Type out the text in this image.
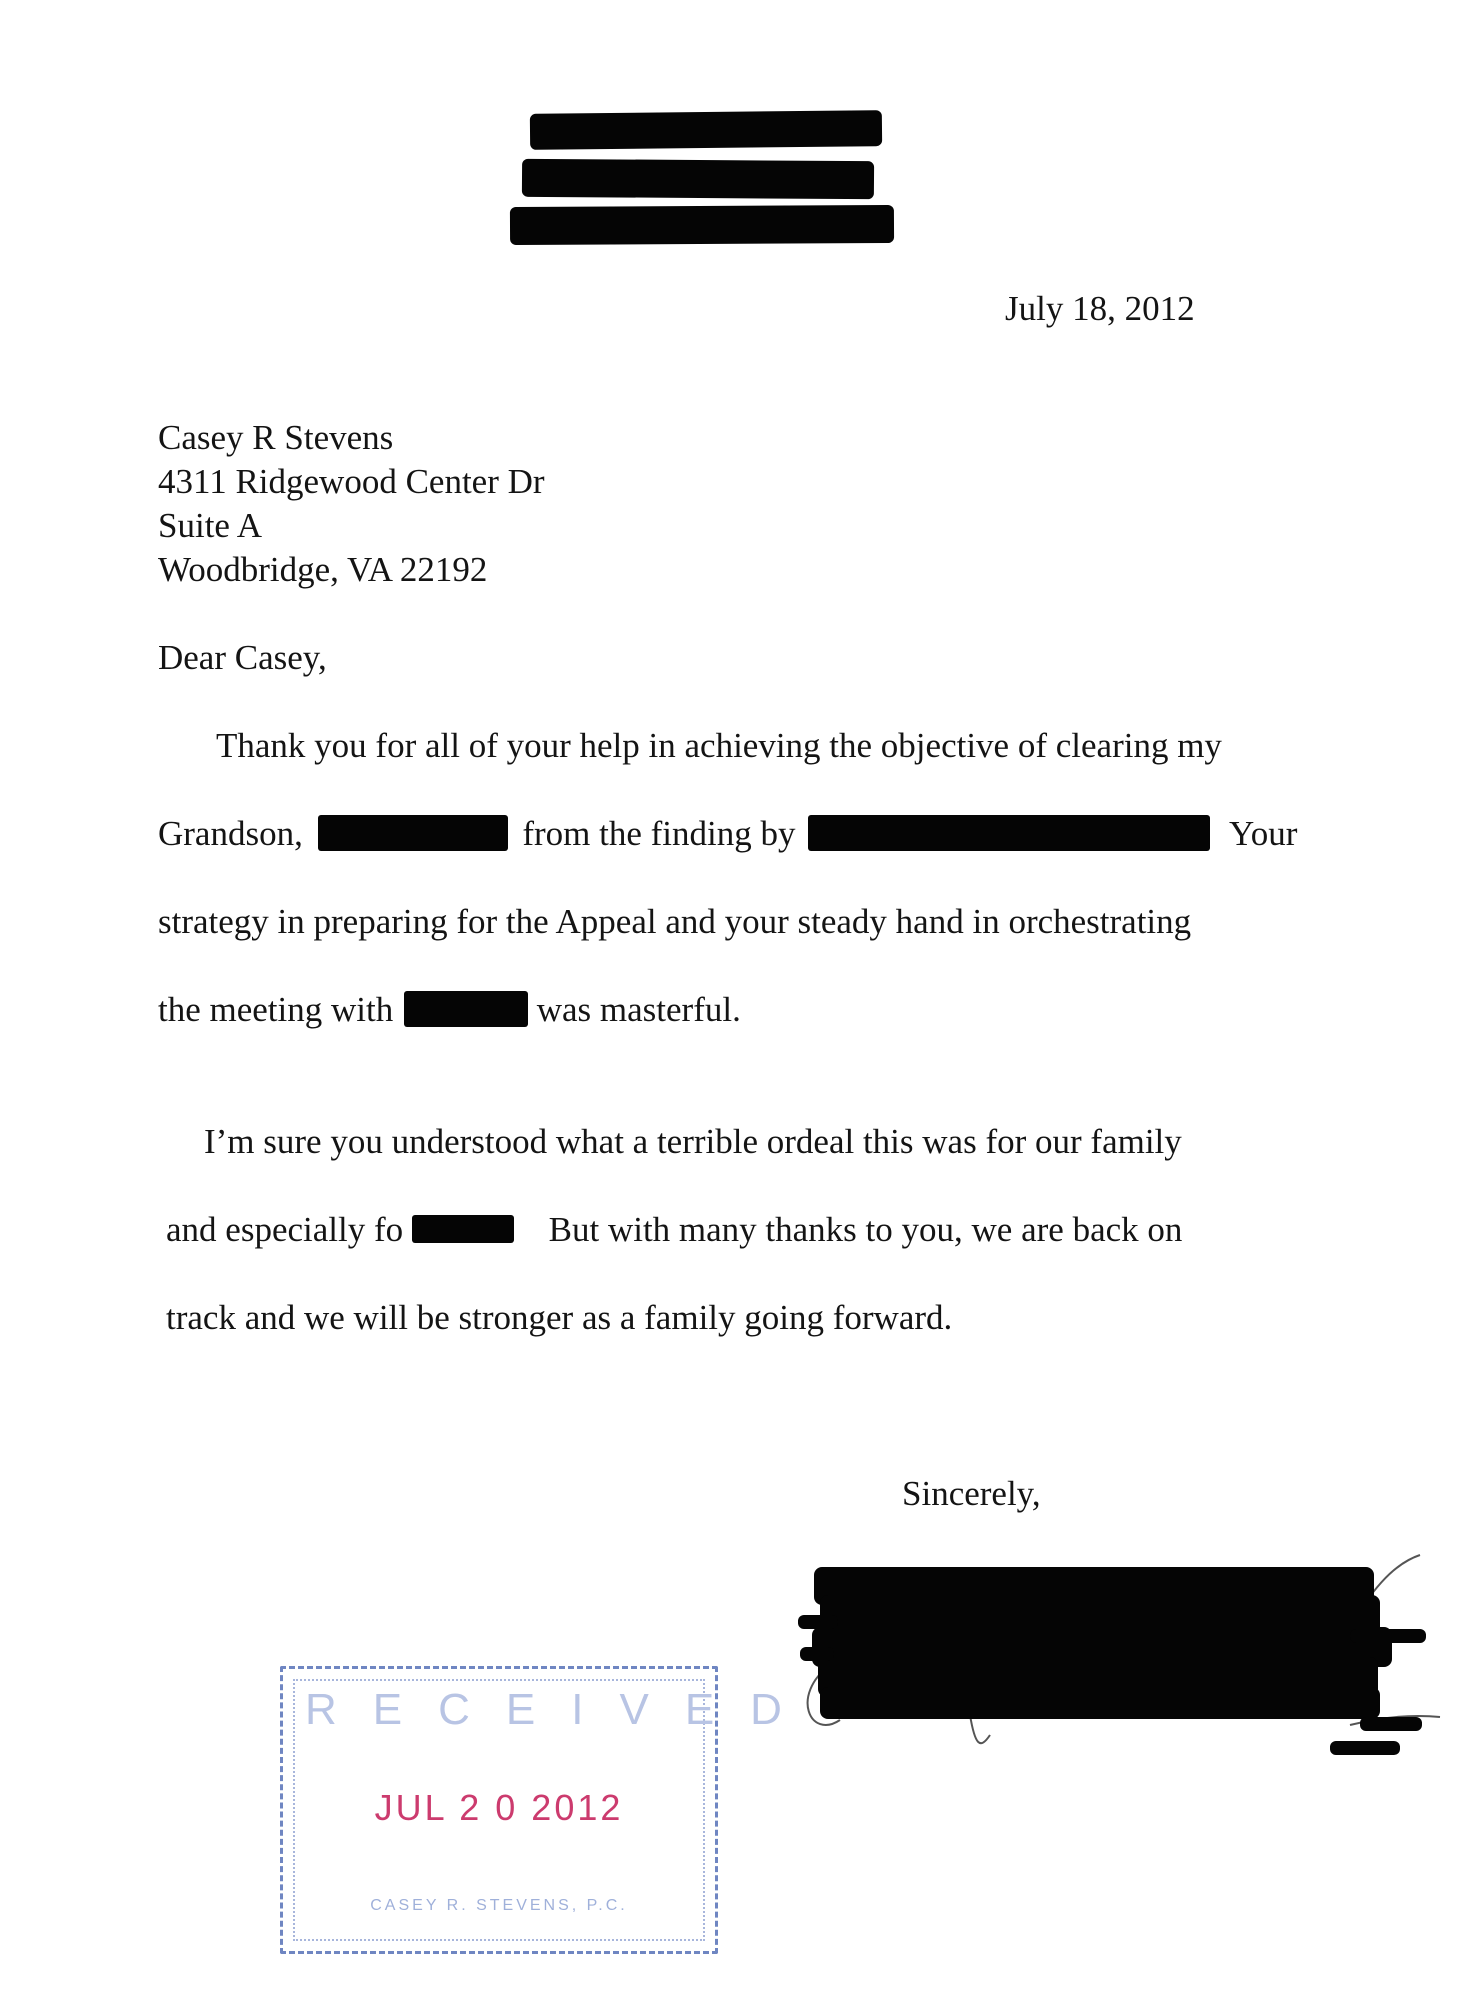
July 18, 2012
Casey R Stevens
4311 Ridgewood Center Dr
Suite A
Woodbridge, VA 22192
Dear Casey,
Thank you for all of your help in achieving the objective of clearing my
Grandson,	from the finding by	Your
strategy in preparing for the Appeal and your steady hand in orchestrating
the meeting with	was masterful.
I’m sure you understood what a terrible ordeal this was for our family
and especially fo	But with many thanks to you, we are back on
track and we will be stronger as a family going forward.
Sincerely,
RECEIVED
JUL 2 0 2012
CASEY R. STEVENS, P.C.
